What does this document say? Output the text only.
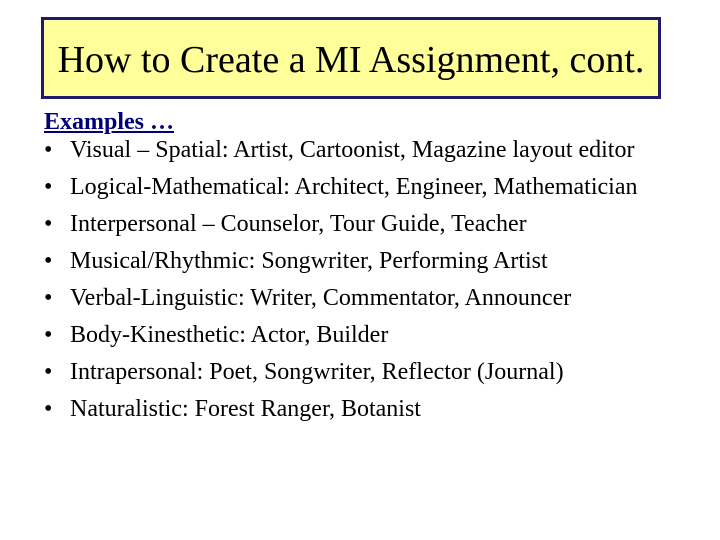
How to Create a MI Assignment, cont.
Examples …
• Visual – Spatial: Artist, Cartoonist, Magazine layout editor
• Logical-Mathematical: Architect, Engineer, Mathematician
• Interpersonal – Counselor, Tour Guide, Teacher
• Musical/Rhythmic: Songwriter, Performing Artist
• Verbal-Linguistic: Writer, Commentator, Announcer
• Body-Kinesthetic: Actor, Builder
• Intrapersonal: Poet, Songwriter, Reflector (Journal)
• Naturalistic: Forest Ranger, Botanist
